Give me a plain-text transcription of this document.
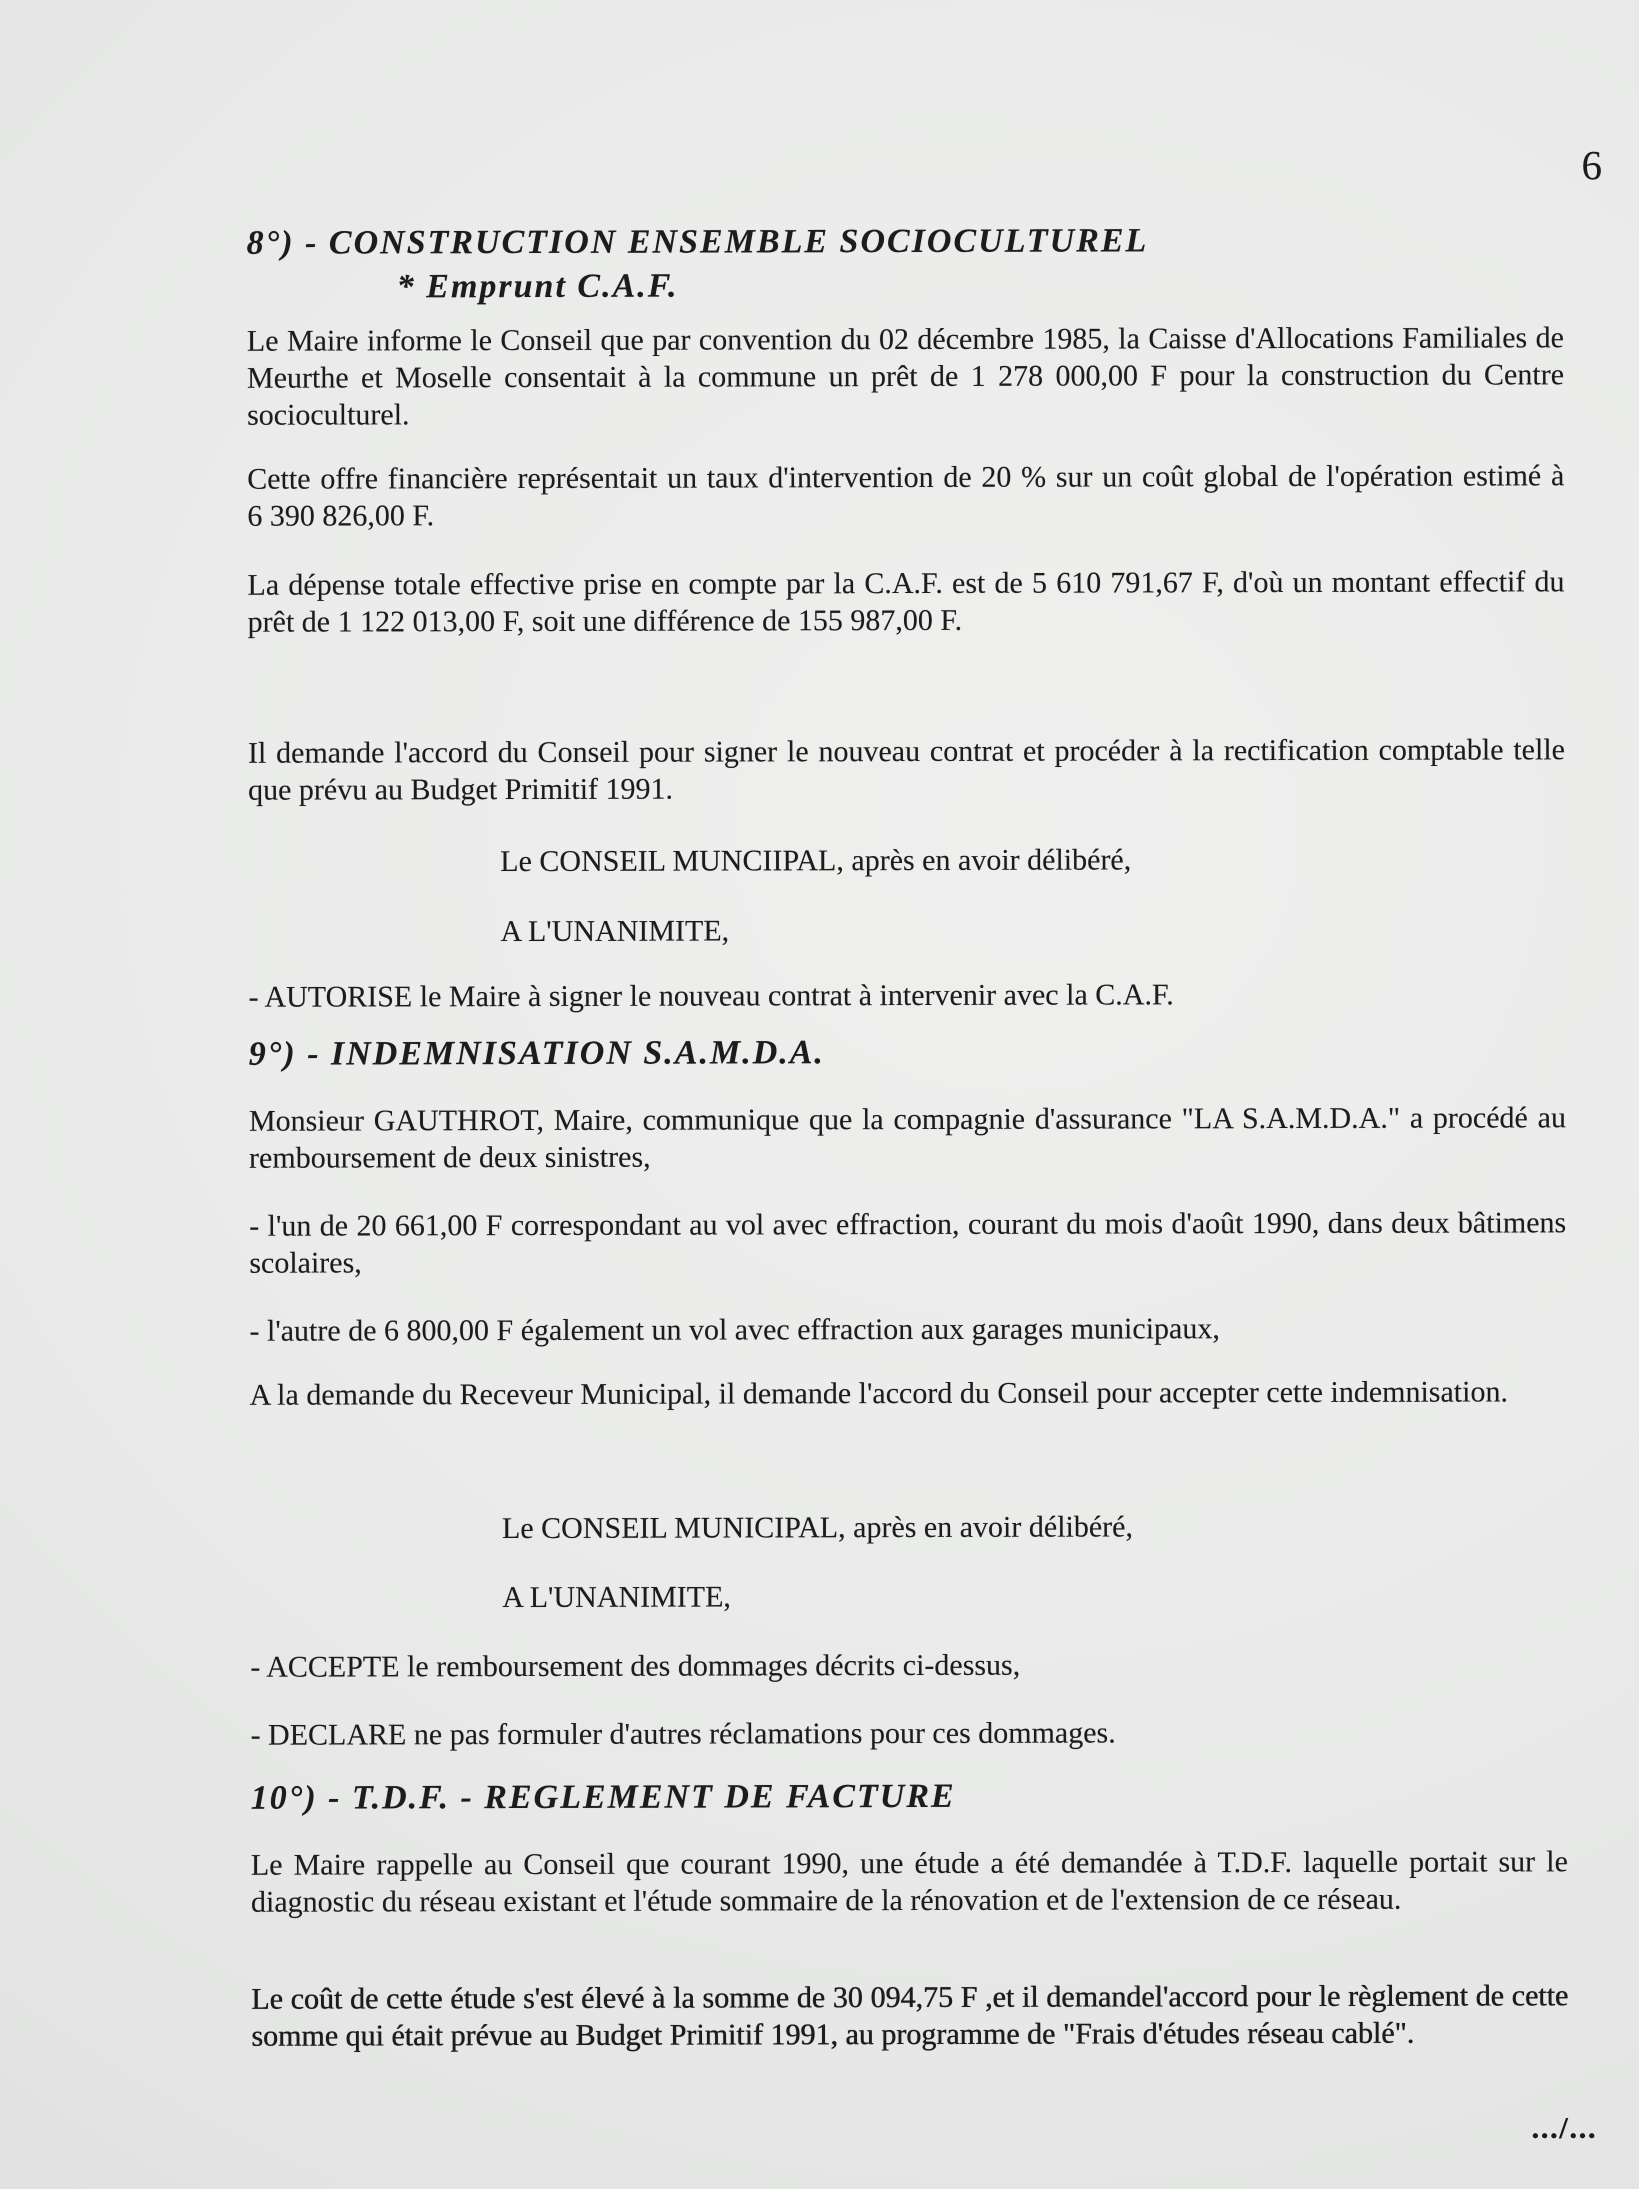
6
8°) - CONSTRUCTION ENSEMBLE SOCIOCULTUREL
* Emprunt C.A.F.

Le Maire informe le Conseil que par convention du 02 décembre 1985, la Caisse d'Allocations Familiales de Meurthe et Moselle consentait à la commune un prêt de 1 278 000,00 F pour la construction du Centre socioculturel.

Cette offre financière représentait un taux d'intervention de 20 % sur un coût global de l'opération estimé à 6 390 826,00 F.

La dépense totale effective prise en compte par la C.A.F. est de 5 610 791,67 F, d'où un montant effectif du prêt de 1 122 013,00 F, soit une différence de 155 987,00 F.

Il demande l'accord du Conseil pour signer le nouveau contrat et procéder à la rectification comptable telle que prévu au Budget Primitif 1991.

Le CONSEIL MUNCIIPAL, après en avoir délibéré,

A L'UNANIMITE,

- AUTORISE le Maire à signer le nouveau contrat à intervenir avec la C.A.F.

9°) - INDEMNISATION S.A.M.D.A.

Monsieur GAUTHROT, Maire, communique que la compagnie d'assurance "LA S.A.M.D.A." a procédé au remboursement de deux sinistres,

- l'un de 20 661,00 F correspondant au vol avec effraction, courant du mois d'août 1990, dans deux bâtimens scolaires,

- l'autre de 6 800,00 F également un vol avec effraction aux garages municipaux,

A la demande du Receveur Municipal, il demande l'accord du Conseil pour accepter cette indemnisation.

Le CONSEIL MUNICIPAL, après en avoir délibéré,

A L'UNANIMITE,

- ACCEPTE le remboursement des dommages décrits ci-dessus,

- DECLARE ne pas formuler d'autres réclamations pour ces dommages.

10°) - T.D.F. - REGLEMENT DE FACTURE

Le Maire rappelle au Conseil que courant 1990, une étude a été demandée à T.D.F. laquelle portait sur le diagnostic du réseau existant et l'étude sommaire de la rénovation et de l'extension de ce réseau.

Le coût de cette étude s'est élevé à la somme de 30 094,75 F ,et il demandel'accord pour le règlement de cette somme qui était prévue au Budget Primitif 1991, au programme de "Frais d'études réseau cablé".

.../...
